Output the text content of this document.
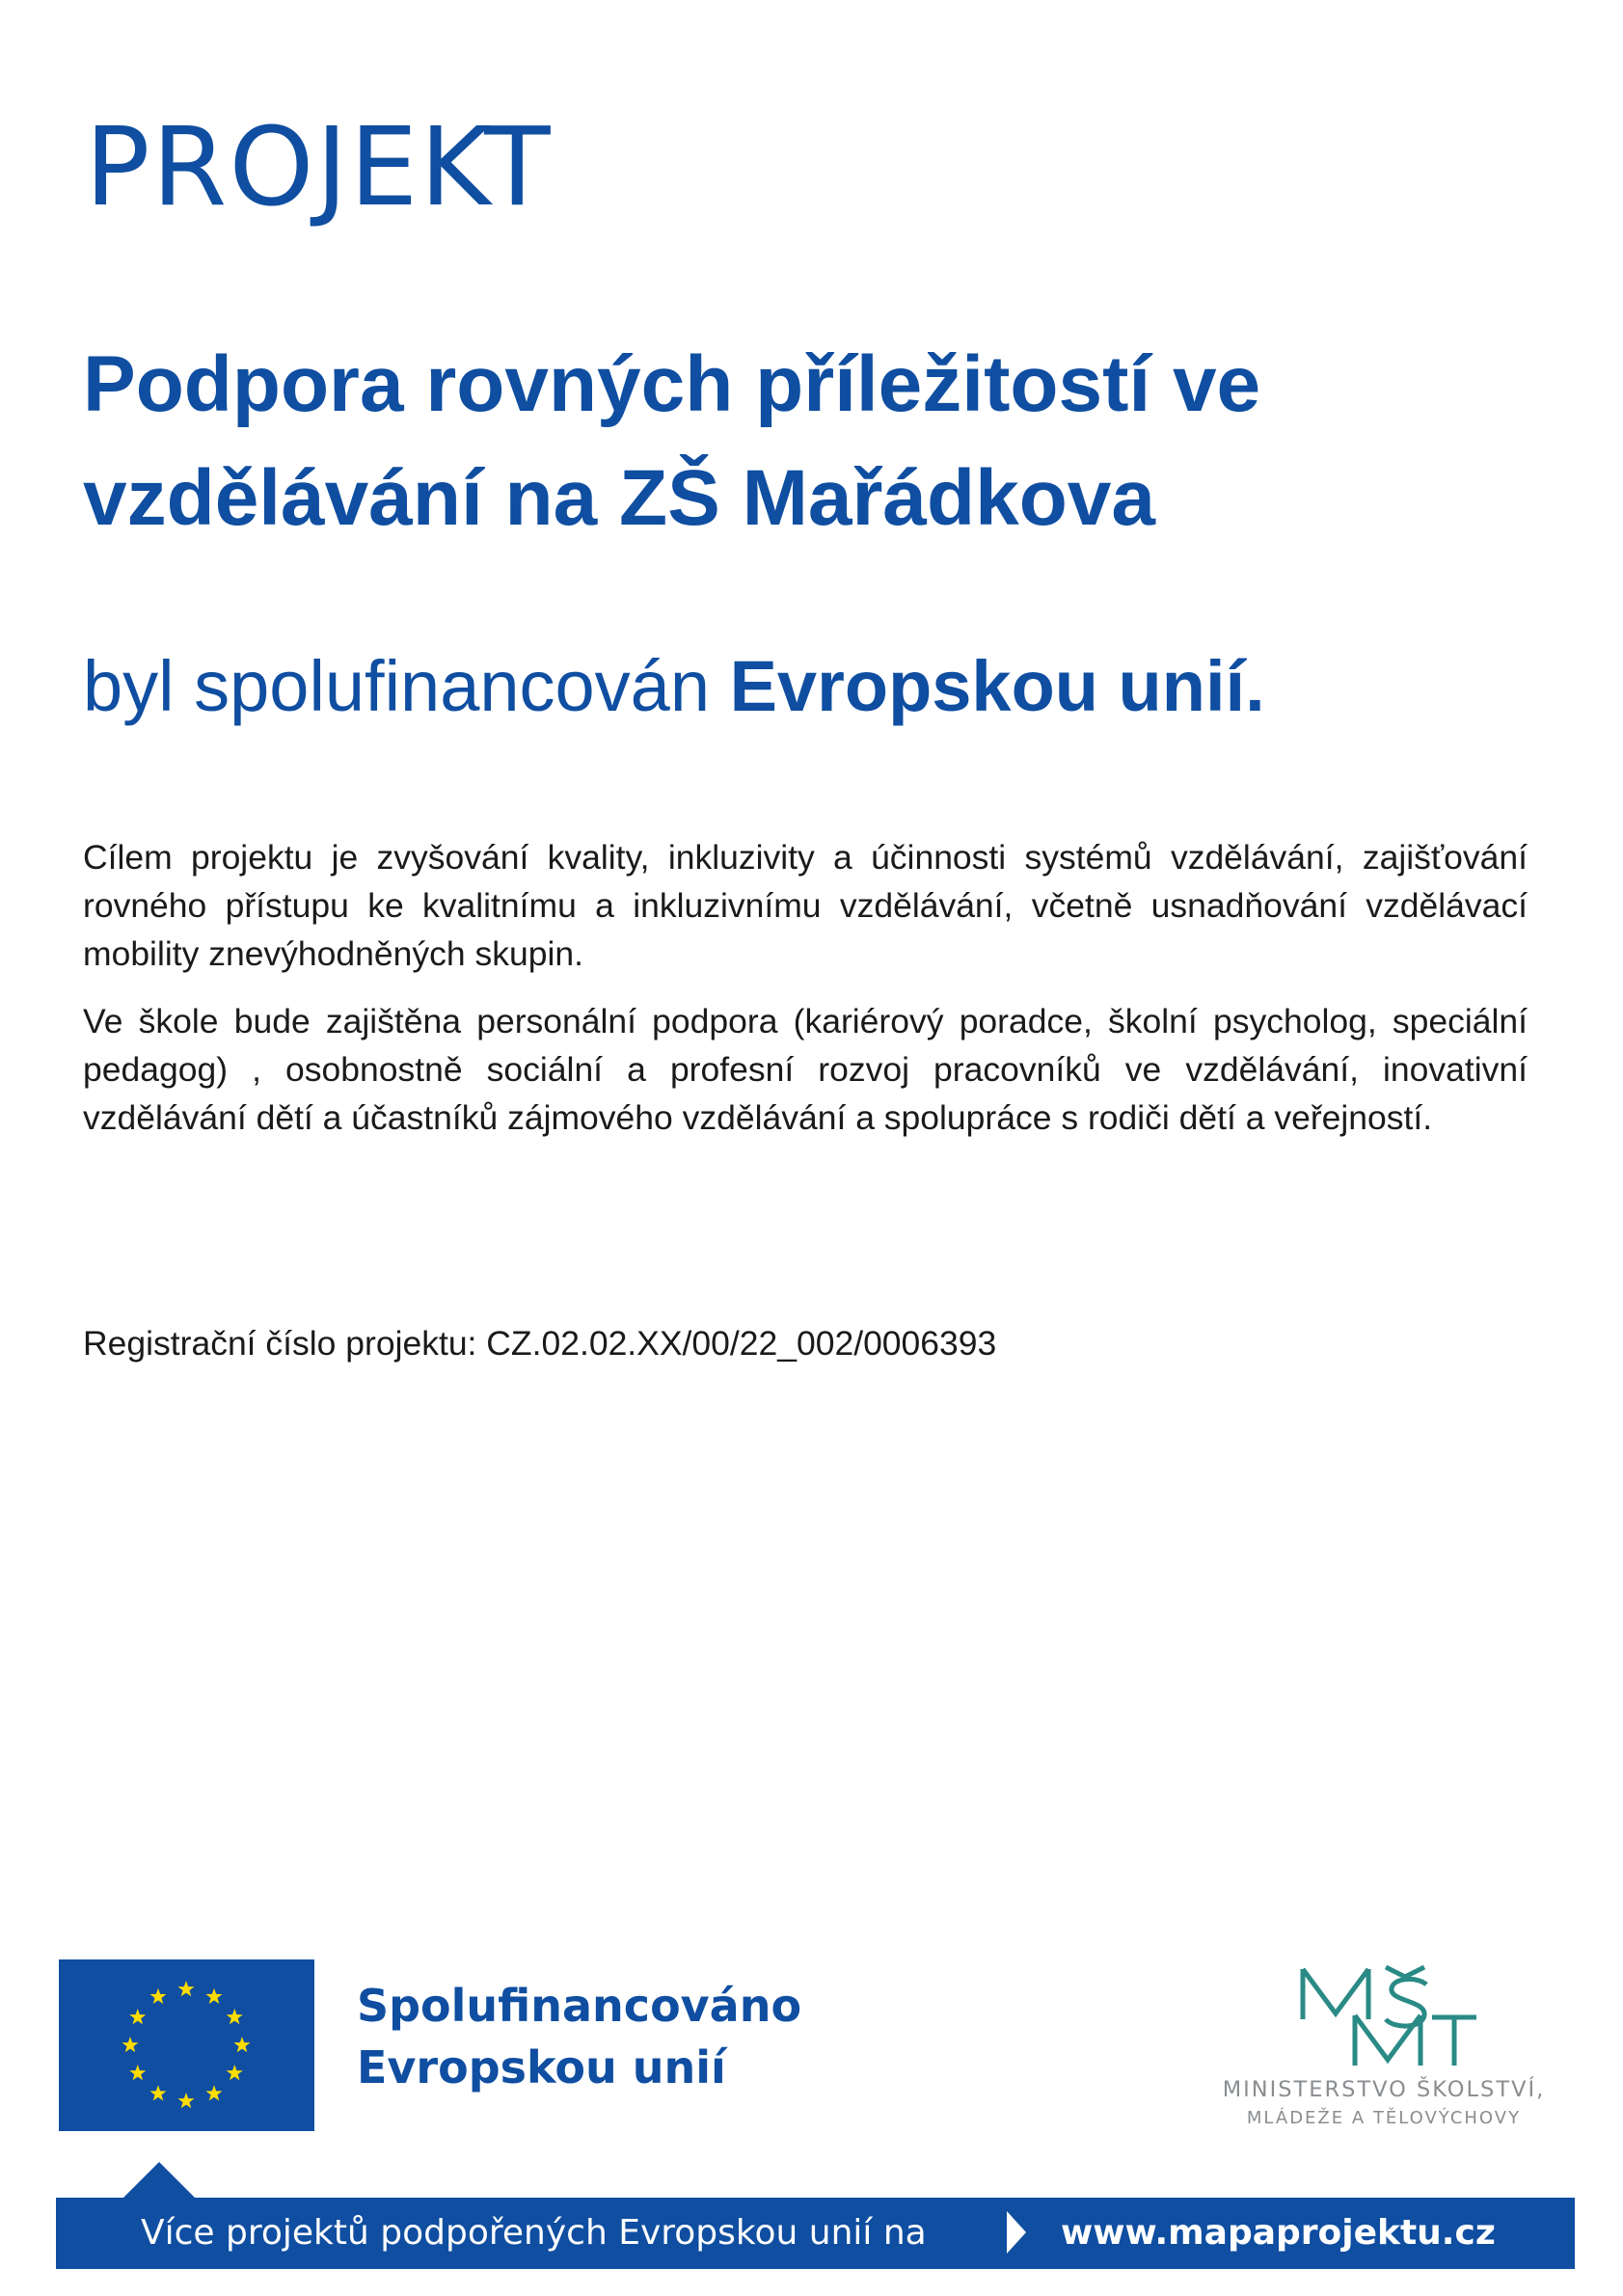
PROJEKT
Podpora rovných příležitostí ve vzdělávání na ZŠ Mařádkova

byl spolufinancován Evropskou unií.

Cílem projektu je zvyšování kvality, inkluzivity a účinnosti systémů vzdělávání, zajišťování rovného přístupu ke kvalitnímu a inkluzivnímu vzdělávání, včetně usnadňování vzdělávací mobility znevýhodněných skupin.

Ve škole bude zajištěna personální podpora (kariérový poradce, školní psycholog, speciální pedagog) , osobnostně sociální a profesní rozvoj pracovníků ve vzdělávání, inovativní vzdělávání dětí a účastníků zájmového vzdělávání a spolupráce s rodiči dětí a veřejností.

Registrační číslo projektu: CZ.02.02.XX/00/22_002/0006393

Spolufinancováno
Evropskou unií	MINISTERSTVO ŠKOLSTVÍ,
MLÁDEŽE A TĚLOVÝCHOVY
Více projektů podpořených Evropskou unií na	www.mapaprojektu.cz
